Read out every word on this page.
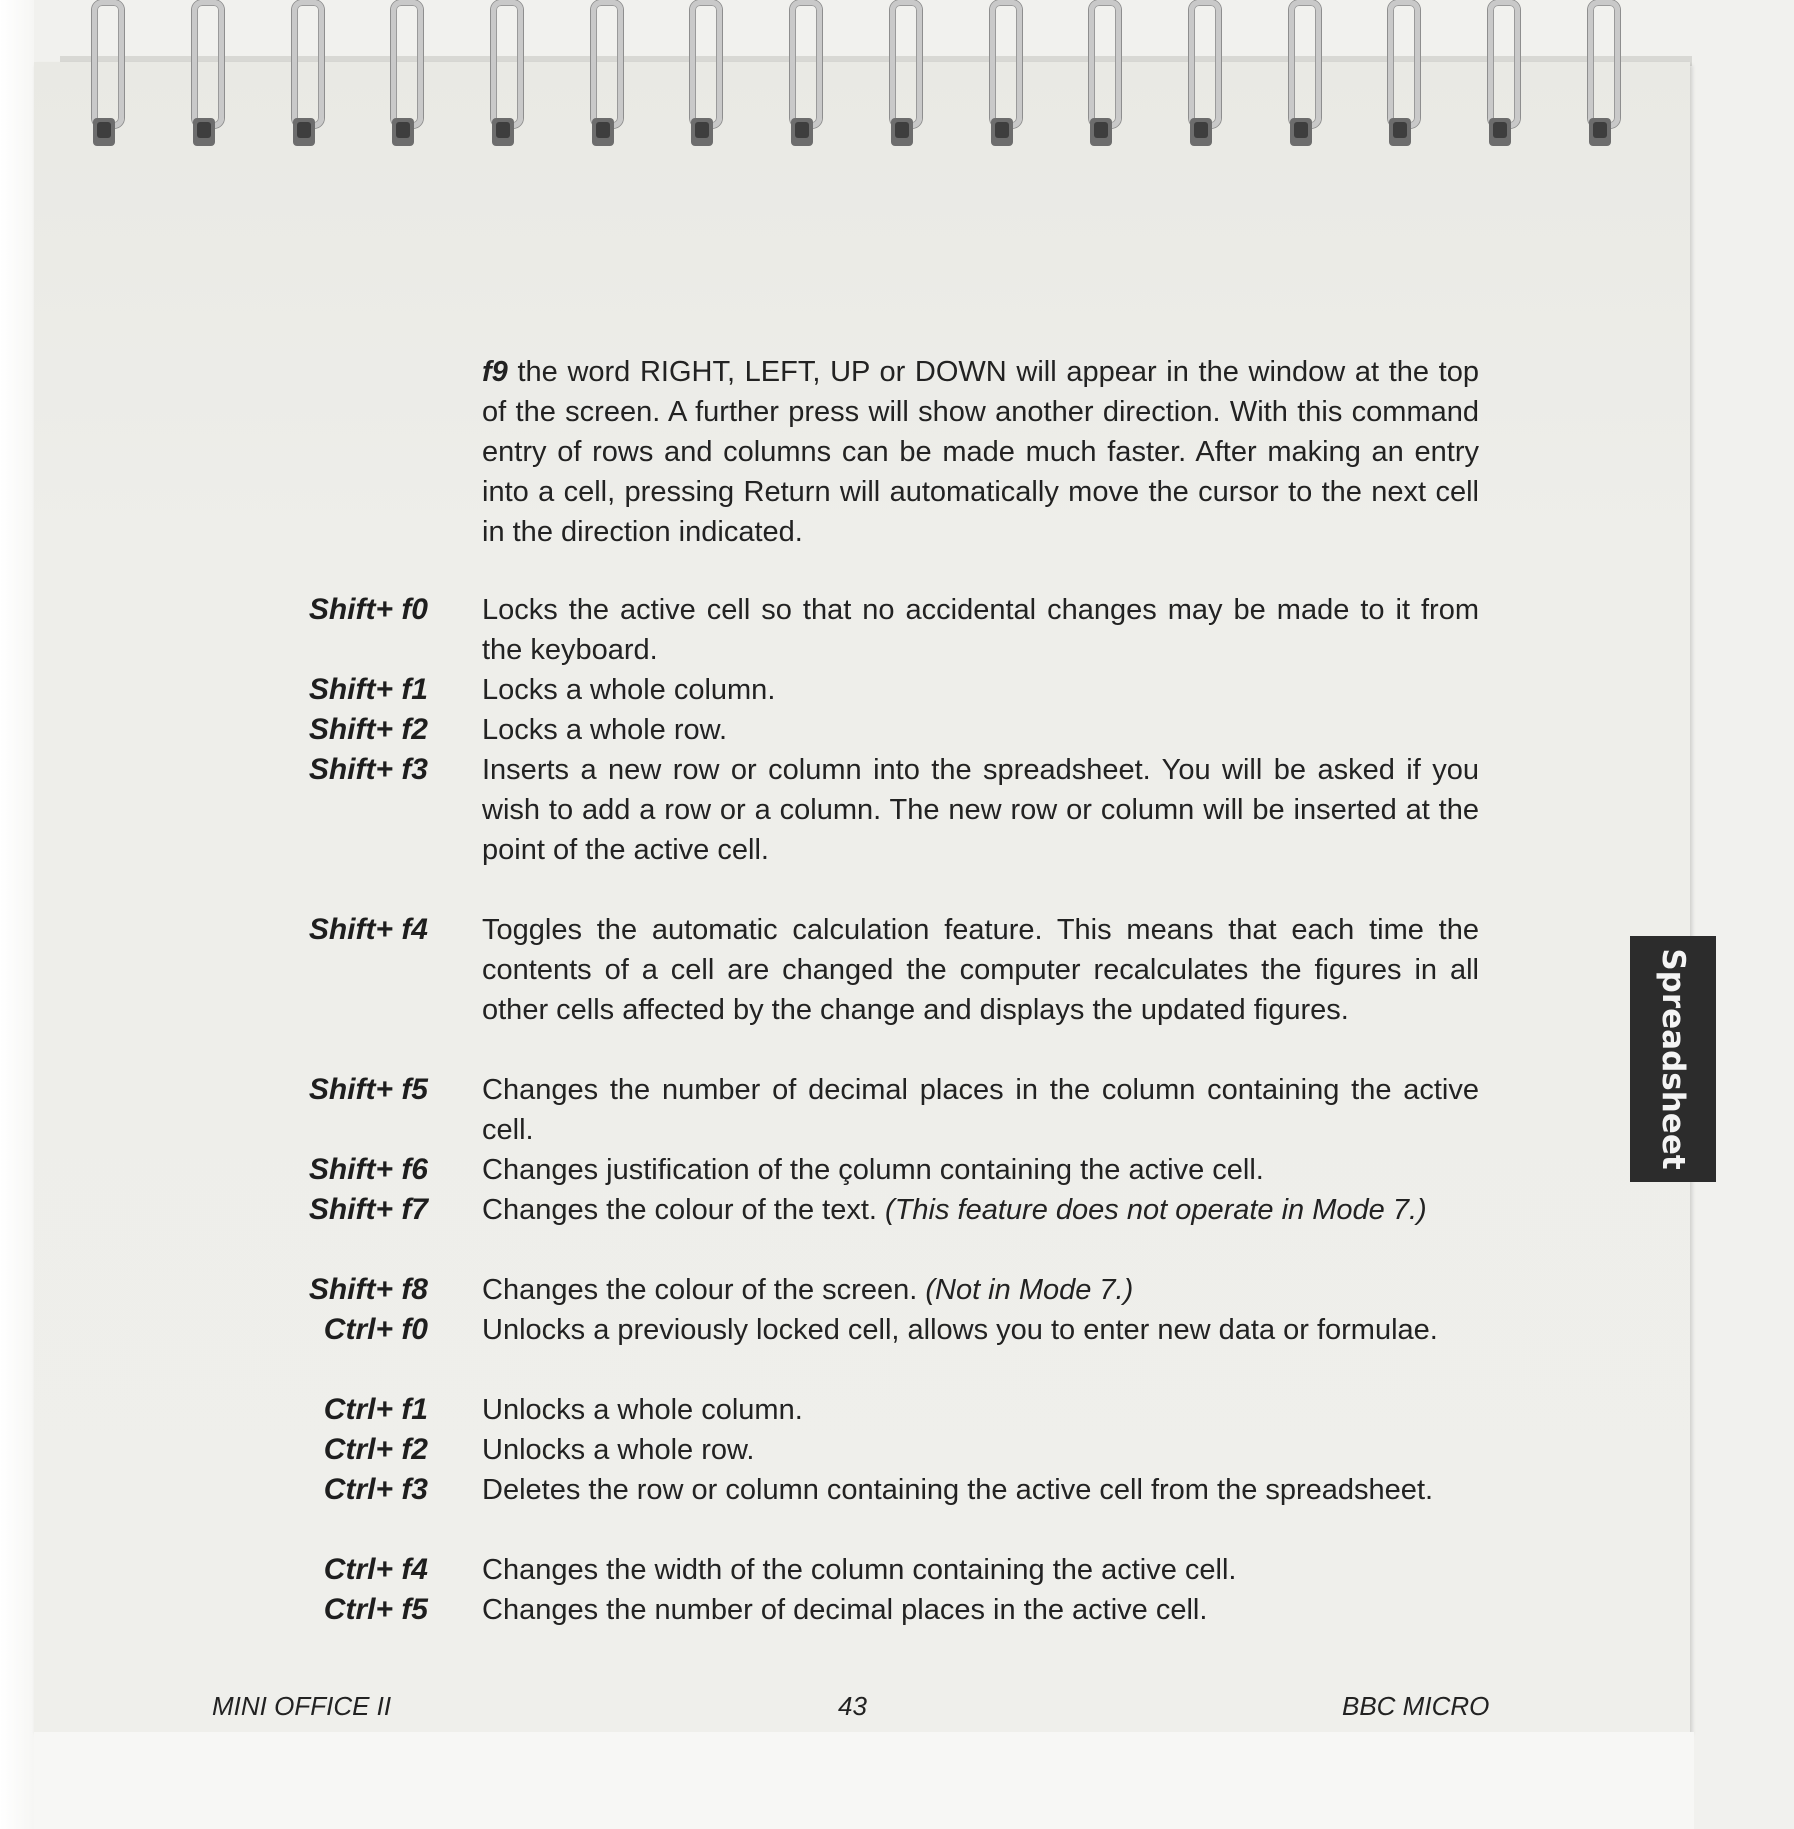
f9 the word RIGHT, LEFT, UP or DOWN will appear in the window at the top of the screen. A further press will show another direction. With this command entry of rows and columns can be made much faster. After making an entry into a cell, pressing Return will automatically move the cursor to the next cell in the direction indicated.
Shift+ f0 Locks the active cell so that no accidental changes may be made to it from the keyboard.
Shift+ f1 Locks a whole column.
Shift+ f2 Locks a whole row.
Shift+ f3 Inserts a new row or column into the spreadsheet. You will be asked if you wish to add a row or a column. The new row or column will be inserted at the point of the active cell.
Shift+ f4 Toggles the automatic calculation feature. This means that each time the contents of a cell are changed the computer recalculates the figures in all other cells affected by the change and displays the updated figures.
Shift+ f5 Changes the number of decimal places in the column containing the active cell.
Shift+ f6 Changes justification of the çolumn containing the active cell.
Shift+ f7 Changes the colour of the text. (This feature does not operate in Mode 7.)
Shift+ f8 Changes the colour of the screen. (Not in Mode 7.)
Ctrl+ f0 Unlocks a previously locked cell, allows you to enter new data or formulae.
Ctrl+ f1 Unlocks a whole column.
Ctrl+ f2 Unlocks a whole row.
Ctrl+ f3 Deletes the row or column containing the active cell from the spreadsheet.
Ctrl+ f4 Changes the width of the column containing the active cell.
Ctrl+ f5 Changes the number of decimal places in the active cell.
MINI OFFICE II	43	BBC MICRO
Spreadsheet
